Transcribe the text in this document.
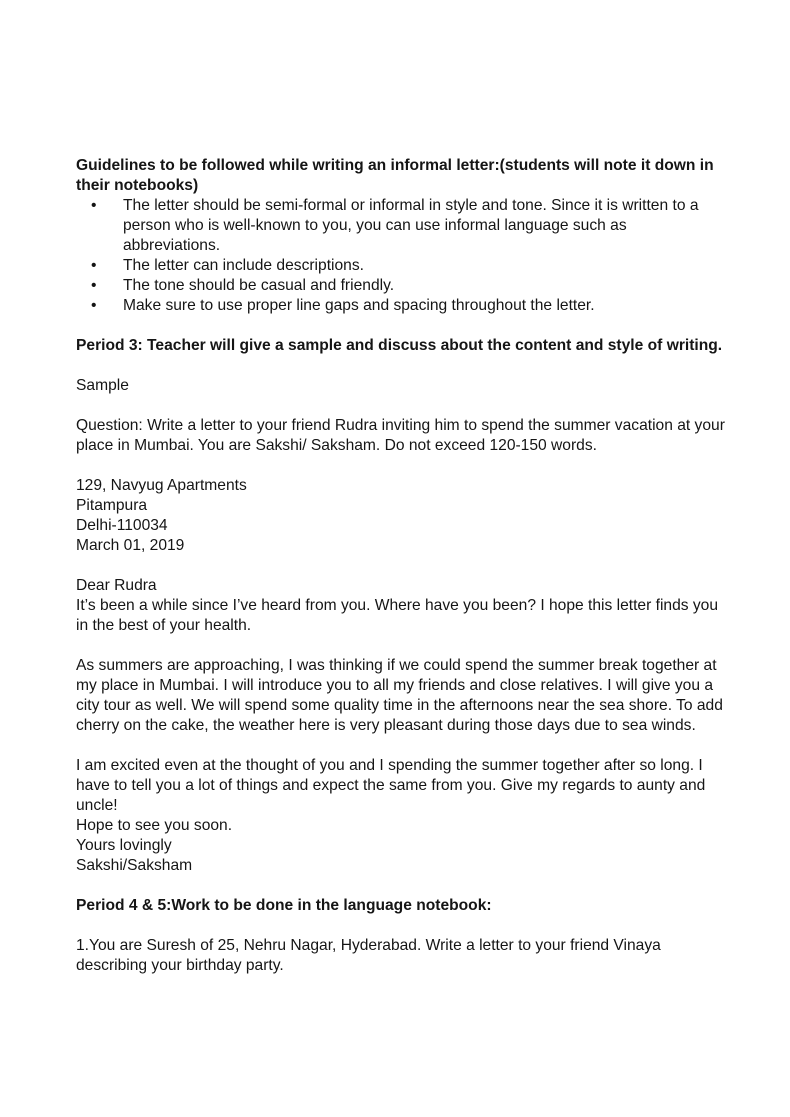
Guidelines to be followed while writing an informal letter:(students will note it down in their notebooks)

• The letter should be semi-formal or informal in style and tone. Since it is written to a person who is well-known to you, you can use informal language such as abbreviations.
• The letter can include descriptions.
• The tone should be casual and friendly.
• Make sure to use proper line gaps and spacing throughout the letter.

Period 3: Teacher will give a sample and discuss about the content and style of writing.

Sample

Question: Write a letter to your friend Rudra inviting him to spend the summer vacation at your place in Mumbai. You are Sakshi/ Saksham. Do not exceed 120-150 words.

129, Navyug Apartments

Pitampura

Delhi-110034

March 01, 2019

Dear Rudra

It’s been a while since I’ve heard from you. Where have you been? I hope this letter finds you in the best of your health.

As summers are approaching, I was thinking if we could spend the summer break together at my place in Mumbai. I will introduce you to all my friends and close relatives. I will give you a city tour as well. We will spend some quality time in the afternoons near the sea shore. To add cherry on the cake, the weather here is very pleasant during those days due to sea winds.

I am excited even at the thought of you and I spending the summer together after so long. I have to tell you a lot of things and expect the same from you. Give my regards to aunty and uncle!

Hope to see you soon.

Yours lovingly

Sakshi/Saksham

Period 4 & 5:Work to be done in the language notebook:

1.You are Suresh of 25, Nehru Nagar, Hyderabad. Write a letter to your friend Vinaya describing your birthday party.
